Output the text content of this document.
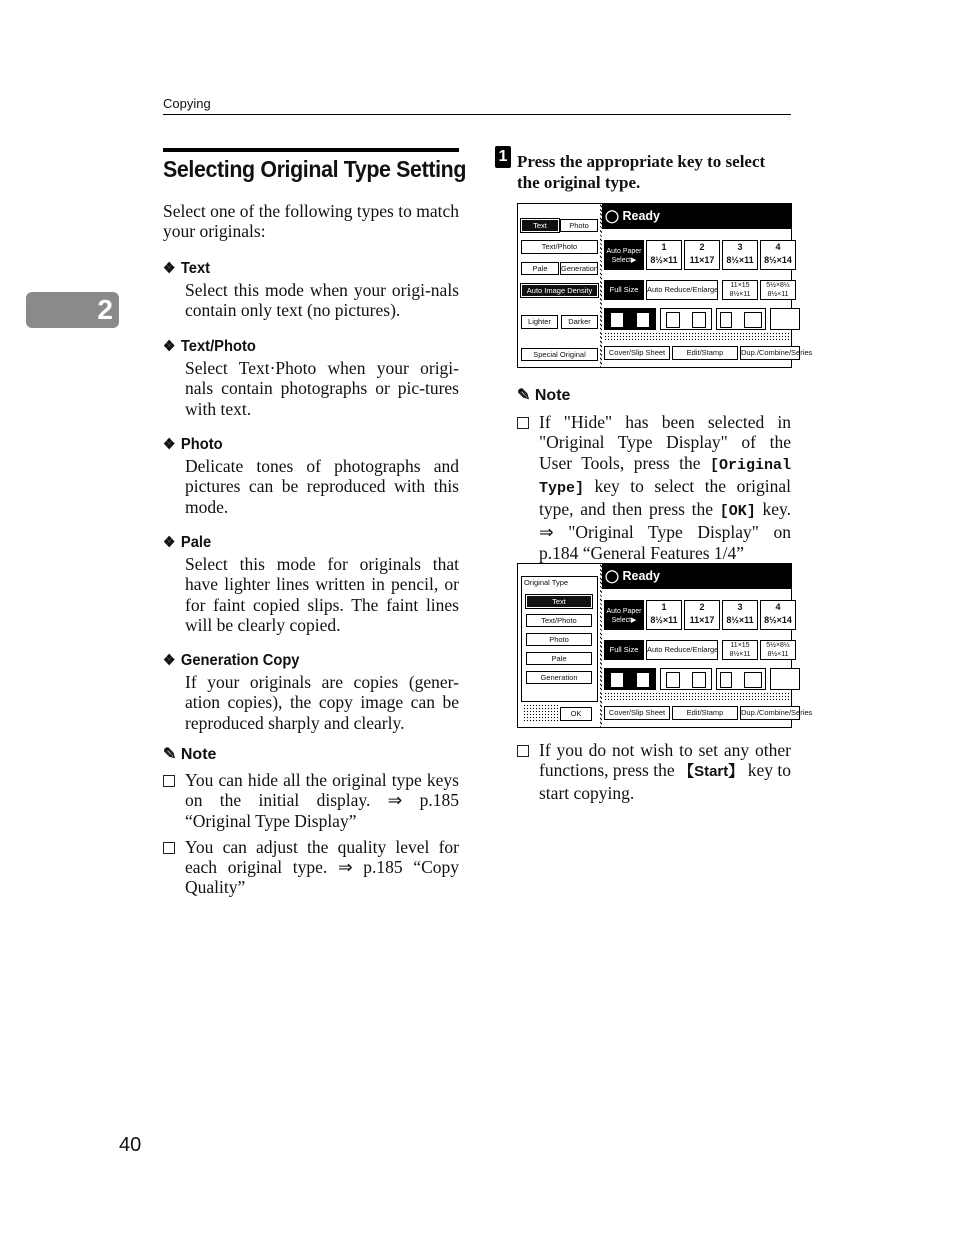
Copying
2
Selecting Original Type Setting
Select one of the following types to match your originals:
❖ Text
Select this mode when your origi-nals contain only text (no pictures).
❖ Text/Photo
Select Text·Photo when your origi-nals contain photographs or pic-tures with text.
❖ Photo
Delicate tones of photographs and pictures can be reproduced with this mode.
❖ Pale
Select this mode for originals that have lighter lines written in pencil, or for faint copied slips. The faint lines will be clearly copied.
❖ Generation Copy
If your originals are copies (gener-ation copies), the copy image can be reproduced sharply and clearly.
✎ Note
You can hide all the original type keys on the initial display. ⇒ p.185 “Original Type Display”
You can adjust the quality level for each original type. ⇒ p.185 “Copy Quality”
1 Press the appropriate key to select the original type.
◯ Ready
Text	Photo
Text/Photo
Pale	Generation
Auto Image Density
Lighter	Darker
Special Original
Auto Paper Select▶
1
8½×11
2
11×17
3
8½×11
4
8½×14
Full Size	Auto Reduce/Enlarge	11×15 8½×11
5½×8½ 8½×11
Cover/Slip Sheet	Edit/Stamp	Dup./Combine/Series
✎ Note
If "Hide" has been selected in "Original Type Display" of the User Tools, press the [Original Type] key to select the original type, and then press the [OK] key. ⇒ "Original Type Display" on p.184 “General Features 1/4”
◯ Ready
Original Type
Text
Text/Photo
Photo
Pale
Generation
OK
Auto Paper Select▶
1
8½×11
2
11×17
3
8½×11
4
8½×14
Full Size	Auto Reduce/Enlarge	11×15 8½×11
5½×8½ 8½×11
Cover/Slip Sheet	Edit/Stamp	Dup./Combine/Series
If you do not wish to set any other functions, press the 【Start】 key to start copying.
40
